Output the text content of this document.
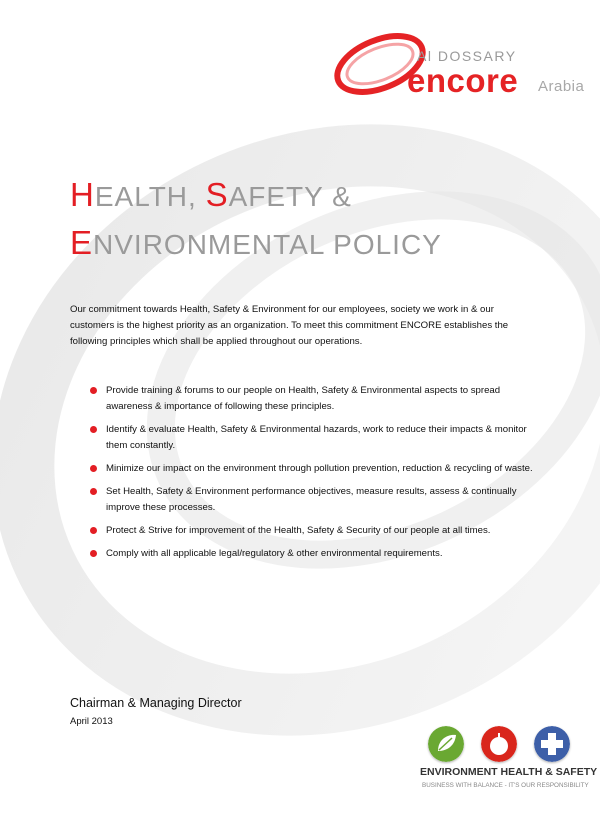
Al DOSSARY
encore Arabia
HEALTH, SAFETY &
ENVIRONMENTAL POLICY

Our commitment towards Health, Safety & Environment for our employees, society we work in & our customers is the highest priority as an organization. To meet this commitment ENCORE establishes the following principles which shall be applied throughout our operations.

Provide training & forums to our people on Health, Safety & Environmental aspects to spread awareness & importance of following these principles.
Identify & evaluate Health, Safety & Environmental hazards, work to reduce their impacts & monitor them constantly.
Minimize our impact on the environment through pollution prevention, reduction & recycling of waste.
Set Health, Safety & Environment performance objectives, measure results, assess & continually improve these processes.
Protect & Strive for improvement of the Health, Safety & Security of our people at all times.
Comply with all applicable legal/regulatory & other environmental requirements.
Chairman & Managing Director
April 2013
ENVIRONMENT HEALTH & SAFETY
BUSINESS WITH BALANCE - IT'S OUR RESPONSIBILITY
